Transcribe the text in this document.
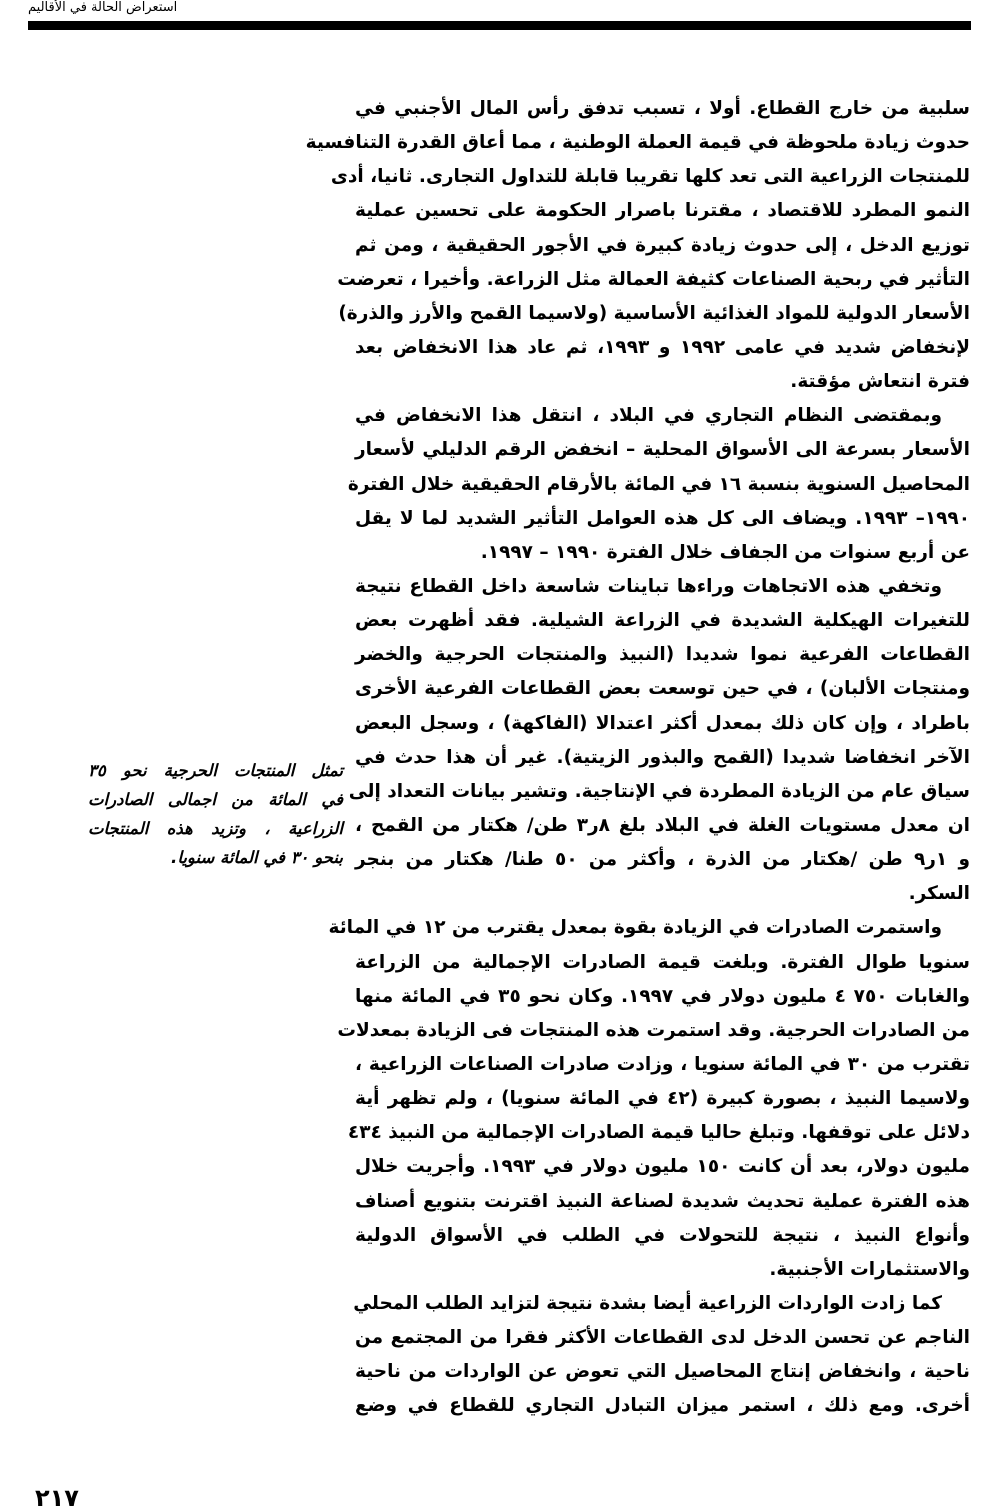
استعراض الحالة في الأقاليم
سلبية من خارج القطاع. أولا ، تسبب تدفق رأس المال الأجنبي في
حدوث زيادة ملحوظة في قيمة العملة الوطنية ، مما أعاق القدرة التنافسية
للمنتجات الزراعية التى تعد كلها تقريبا قابلة للتداول التجارى. ثانيا، أدى
النمو المطرد للاقتصاد ، مقترنا باصرار الحكومة على تحسين عملية
توزيع الدخل ، إلى حدوث زيادة كبيرة في الأجور الحقيقية ، ومن ثم
التأثير في ربحية الصناعات كثيفة العمالة مثل الزراعة. وأخيرا ، تعرضت
الأسعار الدولية للمواد الغذائية الأساسية (ولاسيما القمح والأرز والذرة)
لإنخفاض شديد في عامى ١٩٩٢ و ١٩٩٣، ثم عاد هذا الانخفاض بعد
فترة انتعاش مؤقتة.
وبمقتضى النظام التجاري في البلاد ، انتقل هذا الانخفاض في
الأسعار بسرعة الى الأسواق المحلية – انخفض الرقم الدليلي لأسعار
المحاصيل السنوية بنسبة ١٦ في المائة بالأرقام الحقيقية خلال الفترة
١٩٩٠– ١٩٩٣. ويضاف الى كل هذه العوامل التأثير الشديد لما لا يقل
عن أربع سنوات من الجفاف خلال الفترة ١٩٩٠ – ١٩٩٧.
وتخفي هذه الاتجاهات وراءها تباينات شاسعة داخل القطاع نتيجة
للتغيرات الهيكلية الشديدة في الزراعة الشيلية. فقد أظهرت بعض
القطاعات الفرعية نموا شديدا (النبيذ والمنتجات الحرجية والخضر
ومنتجات الألبان) ، في حين توسعت بعض القطاعات الفرعية الأخرى
باطراد ، وإن كان ذلك بمعدل أكثر اعتدالا (الفاكهة) ، وسجل البعض
الآخر انخفاضا شديدا (القمح والبذور الزيتية). غير أن هذا حدث في
سياق عام من الزيادة المطردة في الإنتاجية. وتشير بيانات التعداد إلى
ان معدل مستويات الغلة في البلاد بلغ ٨ر٣ طن/ هكتار من القمح ،
و ١ر٩ طن /هكتار من الذرة ، وأكثر من ٥٠ طنا/ هكتار من بنجر
السكر.
واستمرت الصادرات في الزيادة بقوة بمعدل يقترب من ١٢ في المائة
سنويا طوال الفترة. وبلغت قيمة الصادرات الإجمالية من الزراعة
والغابات ٧٥٠ ٤ مليون دولار في ١٩٩٧. وكان نحو ٣٥ في المائة منها
من الصادرات الحرجية. وقد استمرت هذه المنتجات فى الزيادة بمعدلات
تقترب من ٣٠ في المائة سنويا ، وزادت صادرات الصناعات الزراعية ،
ولاسيما النبيذ ، بصورة كبيرة (٤٢ في المائة سنويا) ، ولم تظهر أية
دلائل على توقفها. وتبلغ حاليا قيمة الصادرات الإجمالية من النبيذ ٤٣٤
مليون دولار، بعد أن كانت ١٥٠ مليون دولار في ١٩٩٣. وأجريت خلال
هذه الفترة عملية تحديث شديدة لصناعة النبيذ اقترنت بتنويع أصناف
وأنواع النبيذ ، نتيجة للتحولات في الطلب في الأسواق الدولية
والاستثمارات الأجنبية.
كما زادت الواردات الزراعية أيضا بشدة نتيجة لتزايد الطلب المحلي
الناجم عن تحسن الدخل لدى القطاعات الأكثر فقرا من المجتمع من
ناحية ، وانخفاض إنتاج المحاصيل التي تعوض عن الواردات من ناحية
أخرى. ومع ذلك ، استمر ميزان التبادل التجاري للقطاع في وضع
تمثل المنتجات الحرجية نحو ٣٥
في المائة من اجمالى الصادرات
الزراعية ، وتزيد هذه المنتجات
بنحو ٣٠ في المائة سنويا.
٢١٧
